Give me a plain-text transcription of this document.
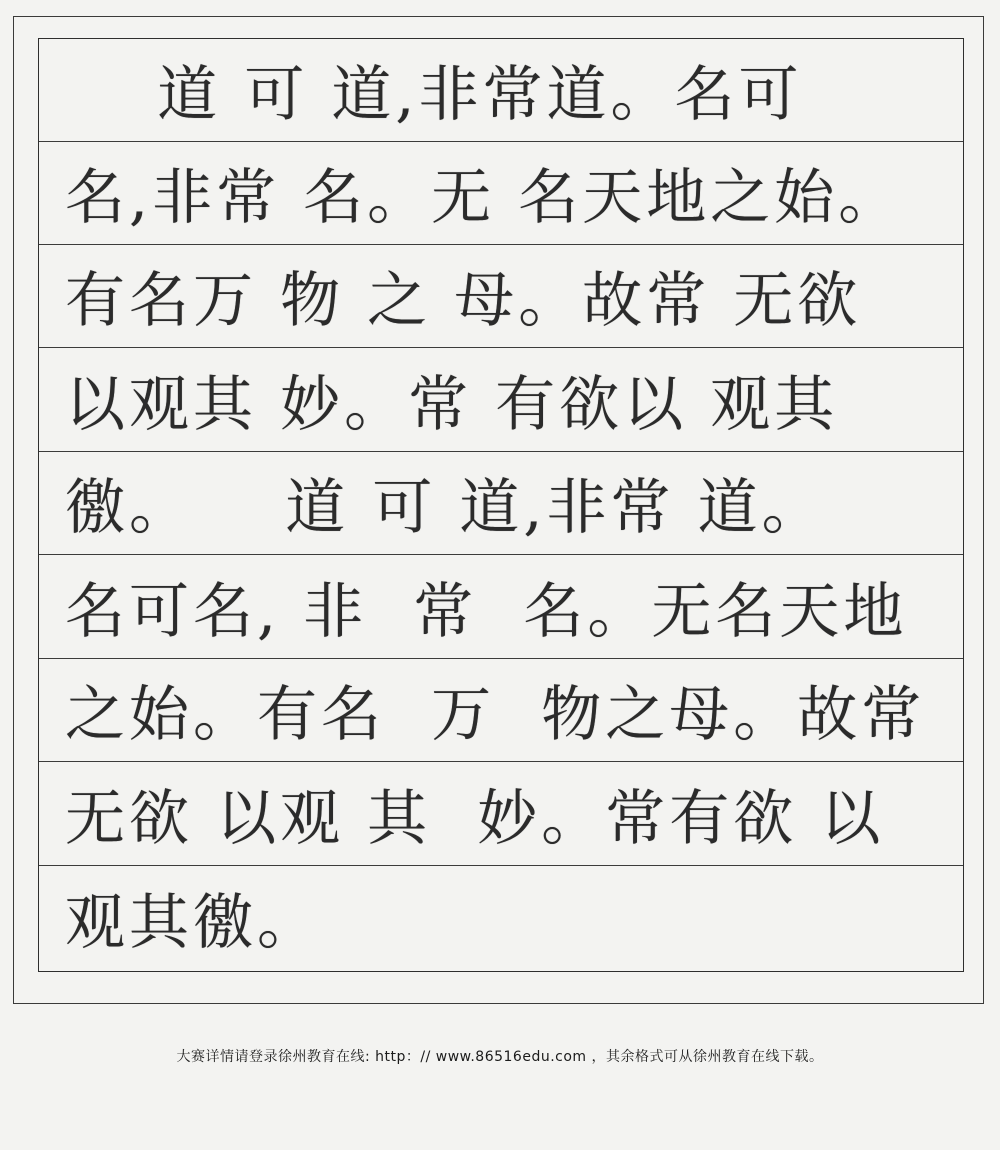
道 可 道,非常道。名可
名,非常 名。无 名天地之始。
有名万 物 之 母。故常 无欲
以观其 妙。常 有欲以 观其
徼。    道 可 道,非常 道。
名可名, 非  常  名。无名天地
之始。有名  万  物之母。故常
无欲 以观 其  妙。常有欲 以
观其徼。
大赛详情请登录徐州教育在线: http：// www.86516edu.com ，其余格式可从徐州教育在线下载。
